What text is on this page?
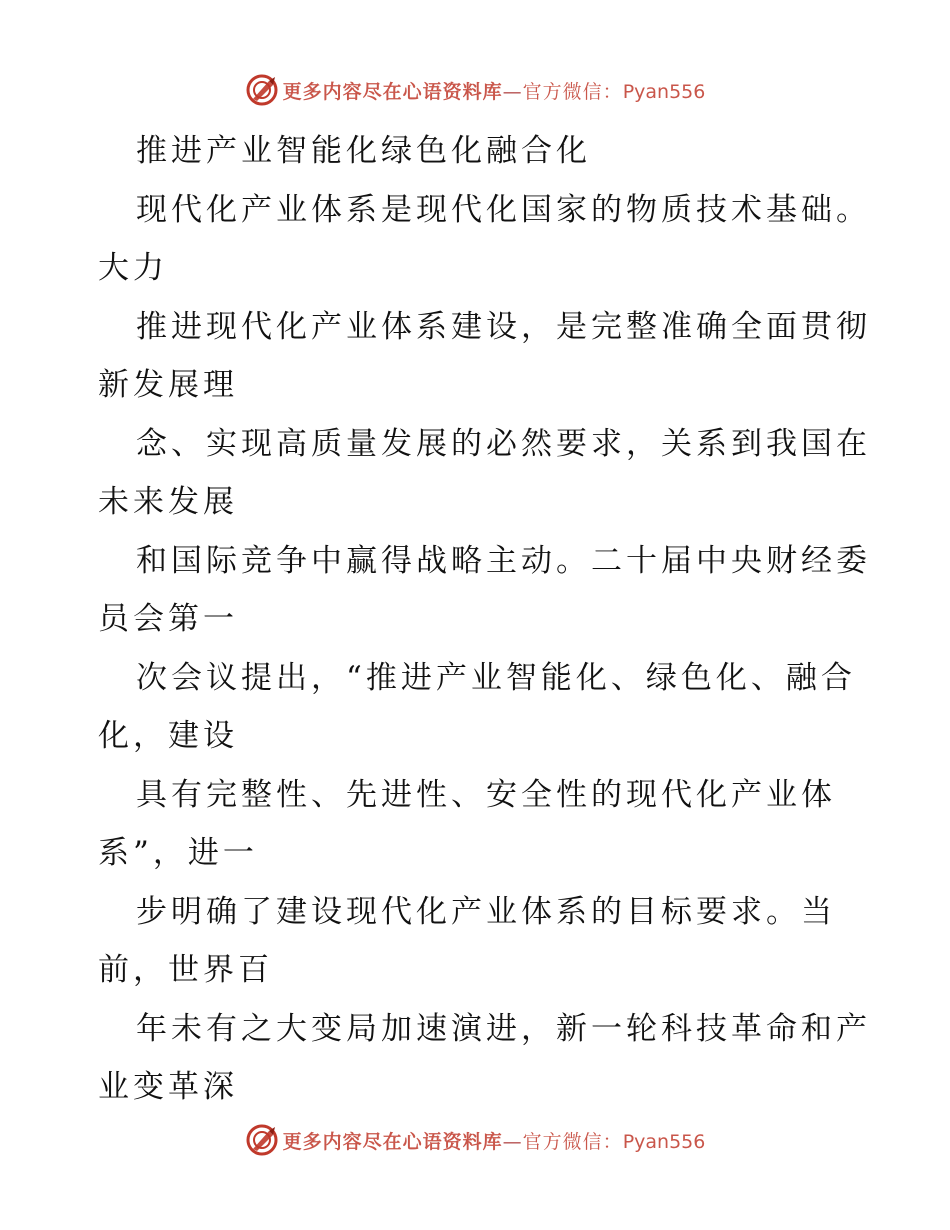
更多内容尽在心语资料库—官方微信：Pyan556
推进产业智能化绿色化融合化
现代化产业体系是现代化国家的物质技术基础。
大力
推进现代化产业体系建设，是完整准确全面贯彻
新发展理
念、实现高质量发展的必然要求，关系到我国在
未来发展
和国际竞争中赢得战略主动。二十届中央财经委
员会第一
次会议提出，“推进产业智能化、绿色化、融合
化，建设
具有完整性、先进性、安全性的现代化产业体
系”，进一
步明确了建设现代化产业体系的目标要求。当
前，世界百
年未有之大变局加速演进，新一轮科技革命和产
业变革深
更多内容尽在心语资料库—官方微信：Pyan556
